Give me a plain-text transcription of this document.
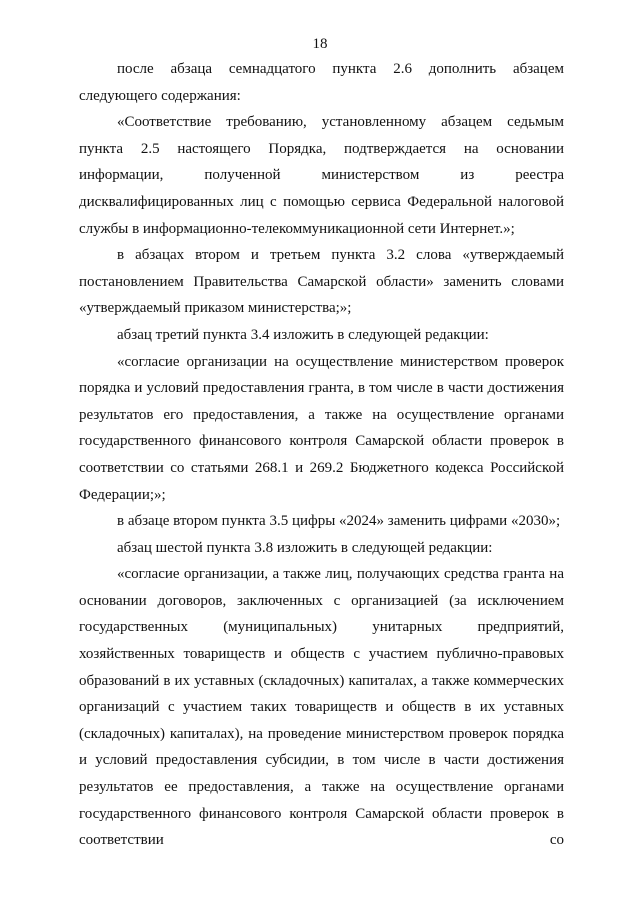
18

после абзаца семнадцатого пункта 2.6 дополнить абзацем следующего содержания:

«Соответствие требованию, установленному абзацем седьмым пункта 2.5 настоящего Порядка, подтверждается на основании информации, полученной министерством из реестра дисквалифицированных лиц с помощью сервиса Федеральной налоговой службы в информационно-телекоммуникационной сети Интернет.»;

в абзацах втором и третьем пункта 3.2 слова «утверждаемый постановлением Правительства Самарской области» заменить словами «утверждаемый приказом министерства;»;

абзац третий пункта 3.4 изложить в следующей редакции:

«согласие организации на осуществление министерством проверок порядка и условий предоставления гранта, в том числе в части достижения результатов его предоставления, а также на осуществление органами государственного финансового контроля Самарской области проверок в соответствии со статьями 268.1 и 269.2 Бюджетного кодекса Российской Федерации;»;

в абзаце втором пункта 3.5 цифры «2024» заменить цифрами «2030»;

абзац шестой пункта 3.8 изложить в следующей редакции:

«согласие организации, а также лиц, получающих средства гранта на основании договоров, заключенных с организацией (за исключением государственных (муниципальных) унитарных предприятий, хозяйственных товариществ и обществ с участием публично-правовых образований в их уставных (складочных) капиталах, а также коммерческих организаций с участием таких товариществ и обществ в их уставных (складочных) капиталах), на проведение министерством проверок порядка и условий предоставления субсидии, в том числе в части достижения результатов ее предоставления, а также на осуществление органами государственного финансового контроля Самарской области проверок в соответствии со
